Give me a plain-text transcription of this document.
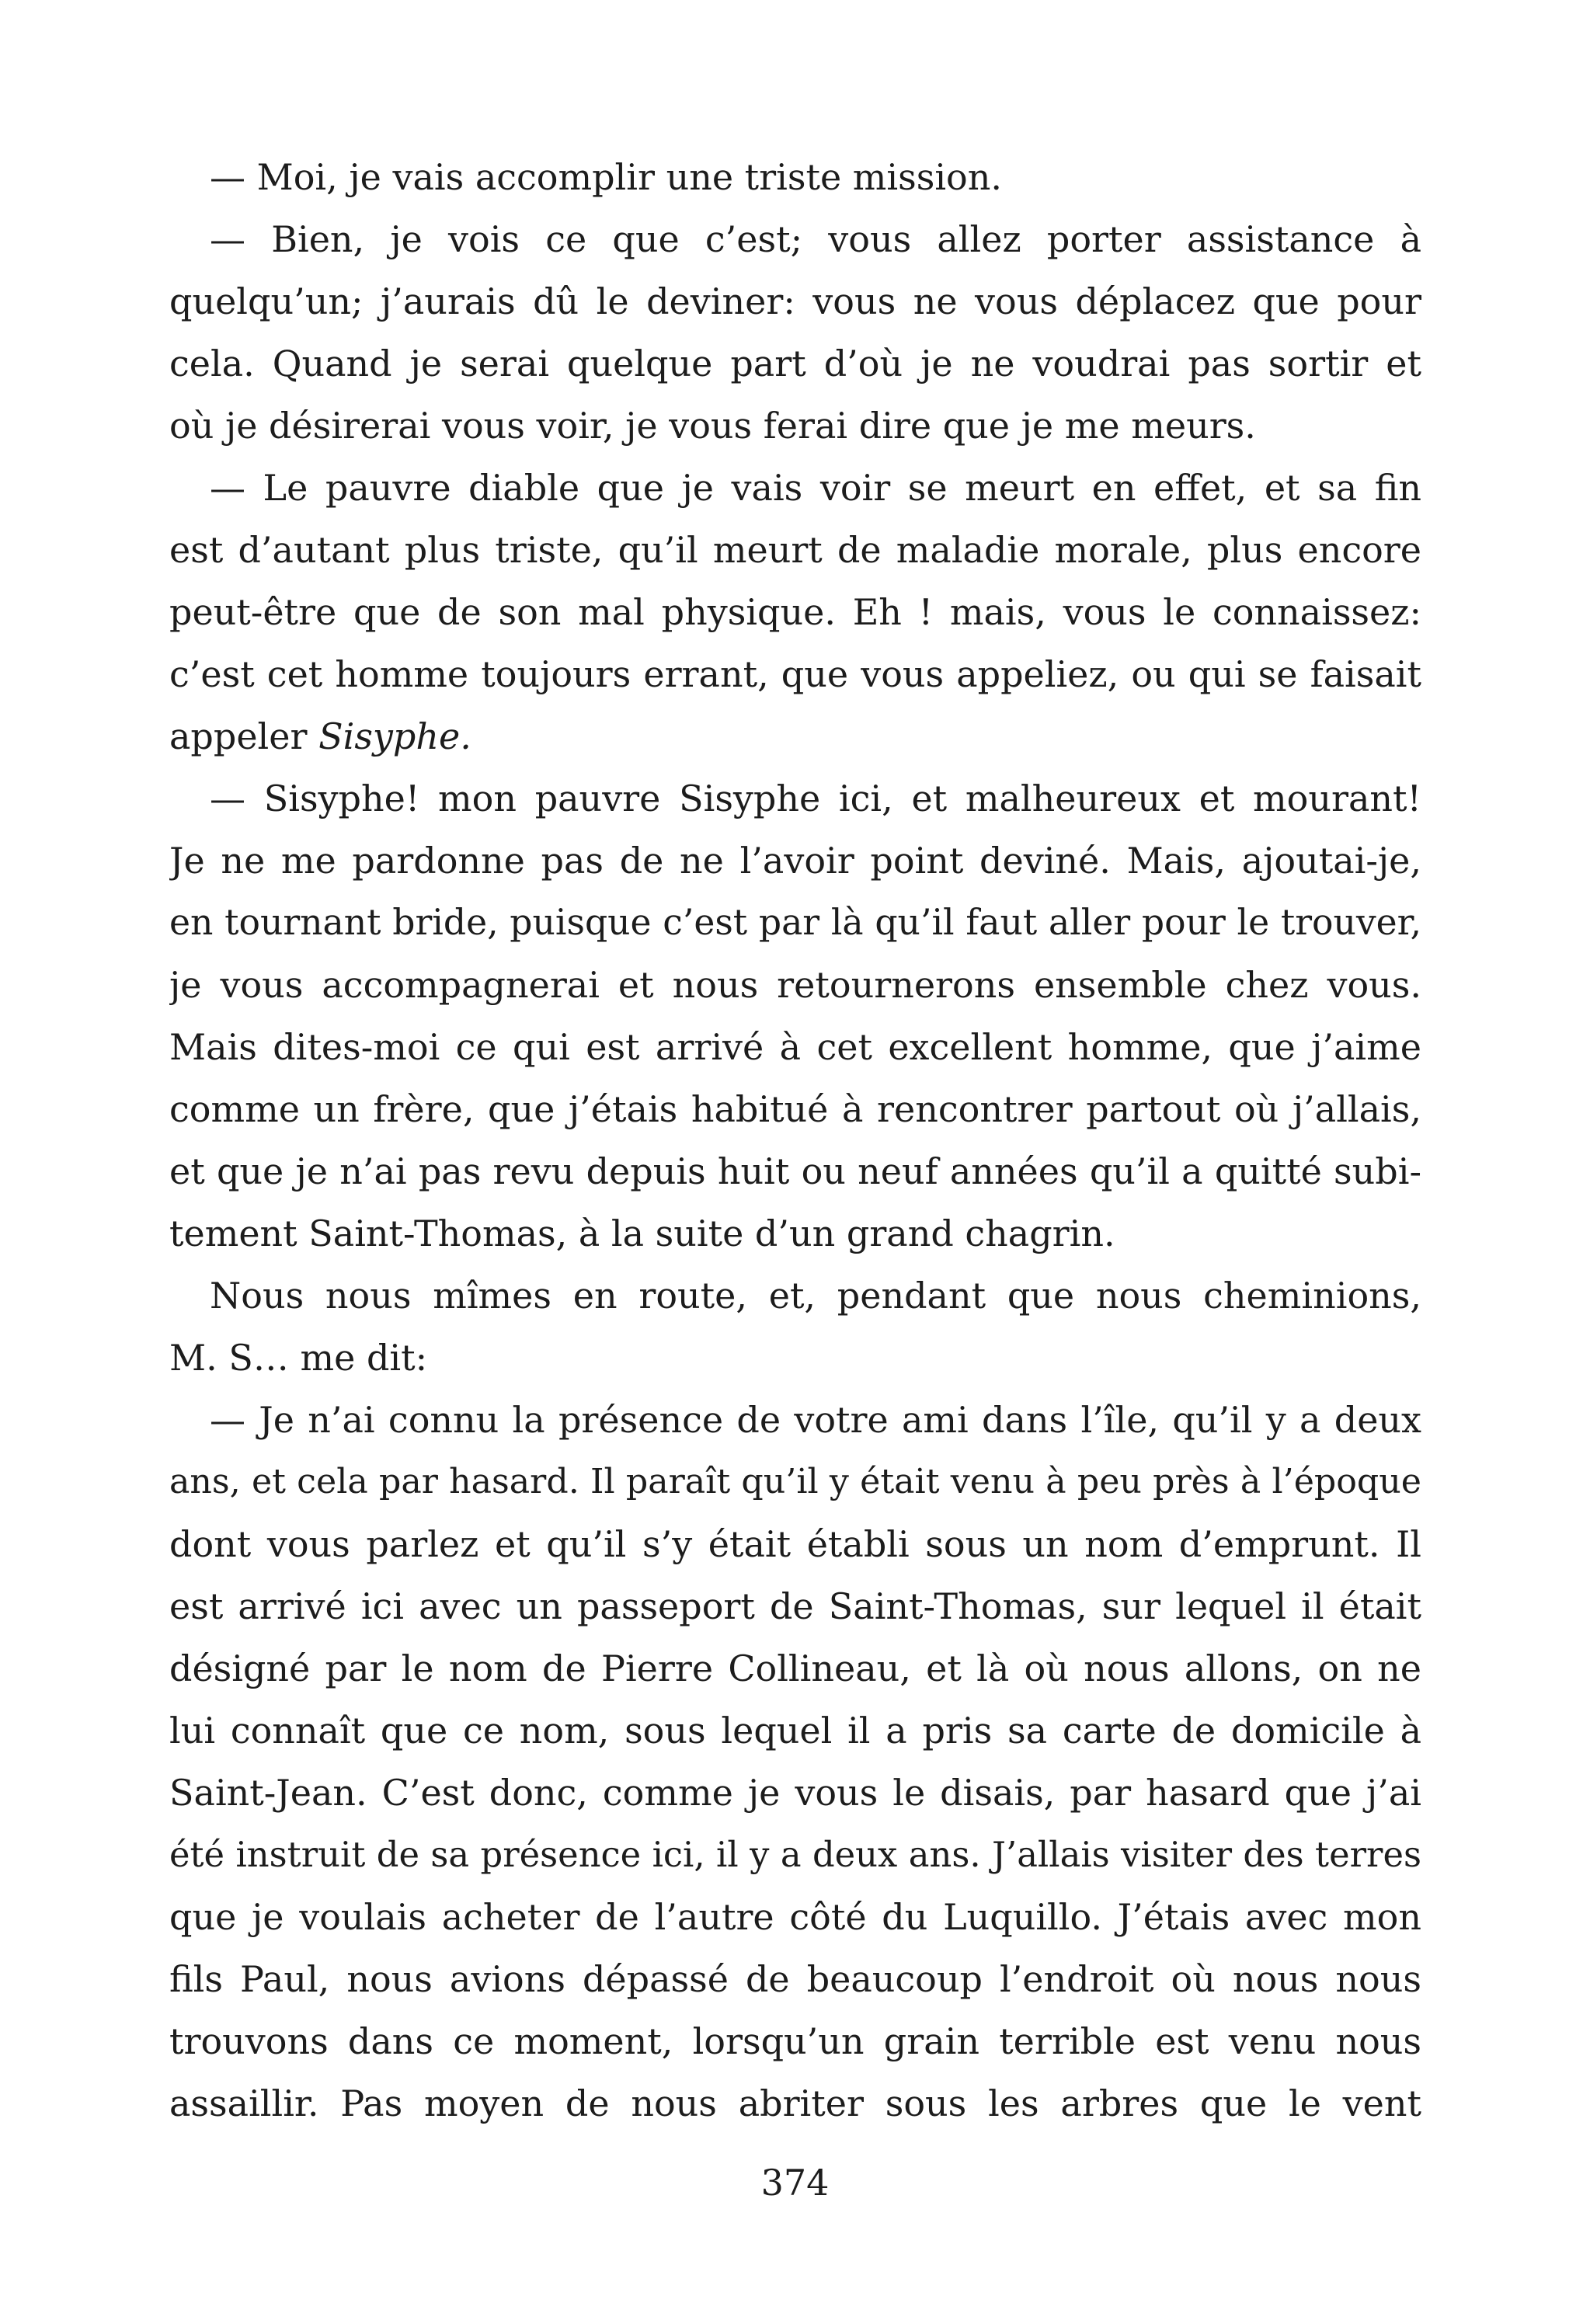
— Moi, je vais accomplir une triste mission.
— Bien, je vois ce que c’est; vous allez porter assistance à
quelqu’un; j’aurais dû le deviner: vous ne vous déplacez que pour
cela. Quand je serai quelque part d’où je ne voudrai pas sortir et
où je désirerai vous voir, je vous ferai dire que je me meurs.
— Le pauvre diable que je vais voir se meurt en effet, et sa fin
est d’autant plus triste, qu’il meurt de maladie morale, plus encore
peut-être que de son mal physique. Eh ! mais, vous le connaissez:
c’est cet homme toujours errant, que vous appeliez, ou qui se faisait
appeler Sisyphe.
— Sisyphe! mon pauvre Sisyphe ici, et malheureux et mourant!
Je ne me pardonne pas de ne l’avoir point deviné. Mais, ajoutai-je,
en tournant bride, puisque c’est par là qu’il faut aller pour le trouver,
je vous accompagnerai et nous retournerons ensemble chez vous.
Mais dites-moi ce qui est arrivé à cet excellent homme, que j’aime
comme un frère, que j’étais habitué à rencontrer partout où j’allais,
et que je n’ai pas revu depuis huit ou neuf années qu’il a quitté subi-
tement Saint-Thomas, à la suite d’un grand chagrin.
Nous nous mîmes en route, et, pendant que nous cheminions,
M. S… me dit:
— Je n’ai connu la présence de votre ami dans l’île, qu’il y a deux
ans, et cela par hasard. Il paraît qu’il y était venu à peu près à l’époque
dont vous parlez et qu’il s’y était établi sous un nom d’emprunt. Il
est arrivé ici avec un passeport de Saint-Thomas, sur lequel il était
désigné par le nom de Pierre Collineau, et là où nous allons, on ne
lui connaît que ce nom, sous lequel il a pris sa carte de domicile à
Saint-Jean. C’est donc, comme je vous le disais, par hasard que j’ai
été instruit de sa présence ici, il y a deux ans. J’allais visiter des terres
que je voulais acheter de l’autre côté du Luquillo. J’étais avec mon
fils Paul, nous avions dépassé de beaucoup l’endroit où nous nous
trouvons dans ce moment, lorsqu’un grain terrible est venu nous
assaillir. Pas moyen de nous abriter sous les arbres que le vent
374
